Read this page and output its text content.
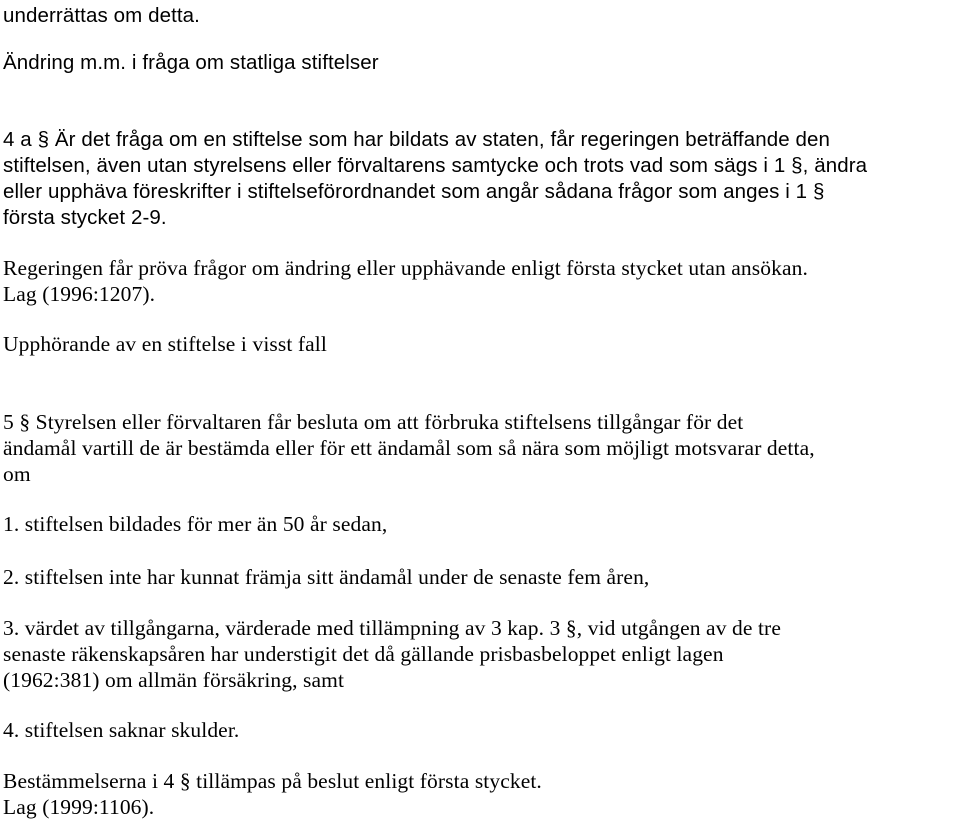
underrättas om detta.
Ändring m.m. i fråga om statliga stiftelser
4 a § Är det fråga om en stiftelse som har bildats av staten, får regeringen beträffande den
stiftelsen, även utan styrelsens eller förvaltarens samtycke och trots vad som sägs i 1 §, ändra
eller upphäva föreskrifter i stiftelseförordnandet som angår sådana frågor som anges i 1 §
första stycket 2-9.
Regeringen får pröva frågor om ändring eller upphävande enligt första stycket utan ansökan.
Lag (1996:1207).
Upphörande av en stiftelse i visst fall
5 § Styrelsen eller förvaltaren får besluta om att förbruka stiftelsens tillgångar för det
ändamål vartill de är bestämda eller för ett ändamål som så nära som möjligt motsvarar detta,
om
1. stiftelsen bildades för mer än 50 år sedan,
2. stiftelsen inte har kunnat främja sitt ändamål under de senaste fem åren,
3. värdet av tillgångarna, värderade med tillämpning av 3 kap. 3 §, vid utgången av de tre
senaste räkenskapsåren har understigit det då gällande prisbasbeloppet enligt lagen
(1962:381) om allmän försäkring, samt
4. stiftelsen saknar skulder.
Bestämmelserna i 4 § tillämpas på beslut enligt första stycket.
Lag (1999:1106).
